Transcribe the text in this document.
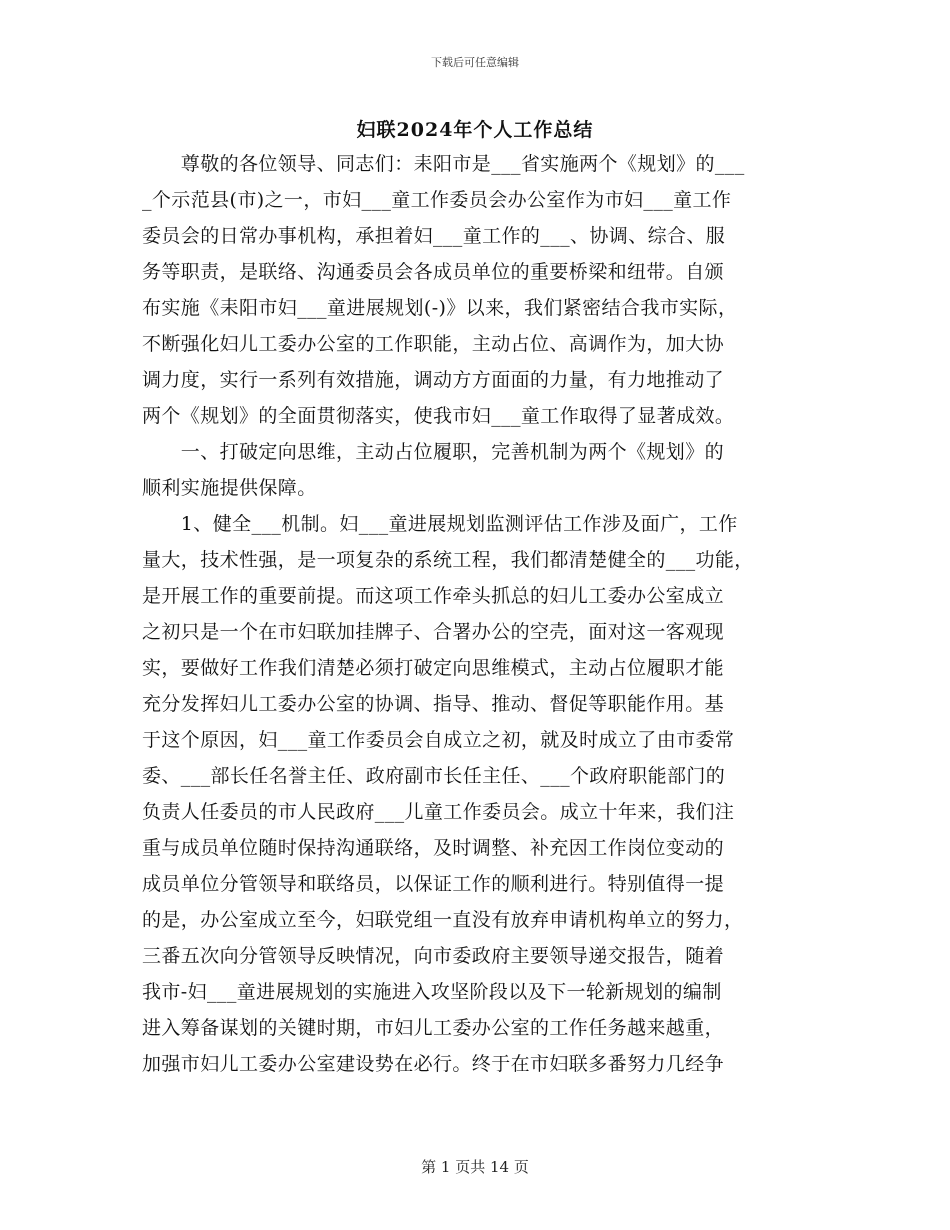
下载后可任意编辑
妇联2024年个人工作总结
　　尊敬的各位领导、同志们：耒阳市是___省实施两个《规划》的___
_个示范县(市)之一，市妇___童工作委员会办公室作为市妇___童工作
委员会的日常办事机构，承担着妇___童工作的___、协调、综合、服
务等职责，是联络、沟通委员会各成员单位的重要桥梁和纽带。自颁
布实施《耒阳市妇___童进展规划(-)》以来，我们紧密结合我市实际，
不断强化妇儿工委办公室的工作职能，主动占位、高调作为，加大协
调力度，实行一系列有效措施，调动方方面面的力量，有力地推动了
两个《规划》的全面贯彻落实，使我市妇___童工作取得了显著成效。
　　一、打破定向思维，主动占位履职，完善机制为两个《规划》的
顺利实施提供保障。
　　1、健全___机制。妇___童进展规划监测评估工作涉及面广，工作
量大，技术性强，是一项复杂的系统工程，我们都清楚健全的___功能，
是开展工作的重要前提。而这项工作牵头抓总的妇儿工委办公室成立
之初只是一个在市妇联加挂牌子、合署办公的空壳，面对这一客观现
实，要做好工作我们清楚必须打破定向思维模式，主动占位履职才能
充分发挥妇儿工委办公室的协调、指导、推动、督促等职能作用。基
于这个原因，妇___童工作委员会自成立之初，就及时成立了由市委常
委、___部长任名誉主任、政府副市长任主任、___个政府职能部门的
负责人任委员的市人民政府___儿童工作委员会。成立十年来，我们注
重与成员单位随时保持沟通联络，及时调整、补充因工作岗位变动的
成员单位分管领导和联络员，以保证工作的顺利进行。特别值得一提
的是，办公室成立至今，妇联党组一直没有放弃申请机构单立的努力，
三番五次向分管领导反映情况，向市委政府主要领导递交报告，随着
我市-妇___童进展规划的实施进入攻坚阶段以及下一轮新规划的编制
进入筹备谋划的关键时期，市妇儿工委办公室的工作任务越来越重，
加强市妇儿工委办公室建设势在必行。终于在市妇联多番努力几经争
第 1 页共 14 页
